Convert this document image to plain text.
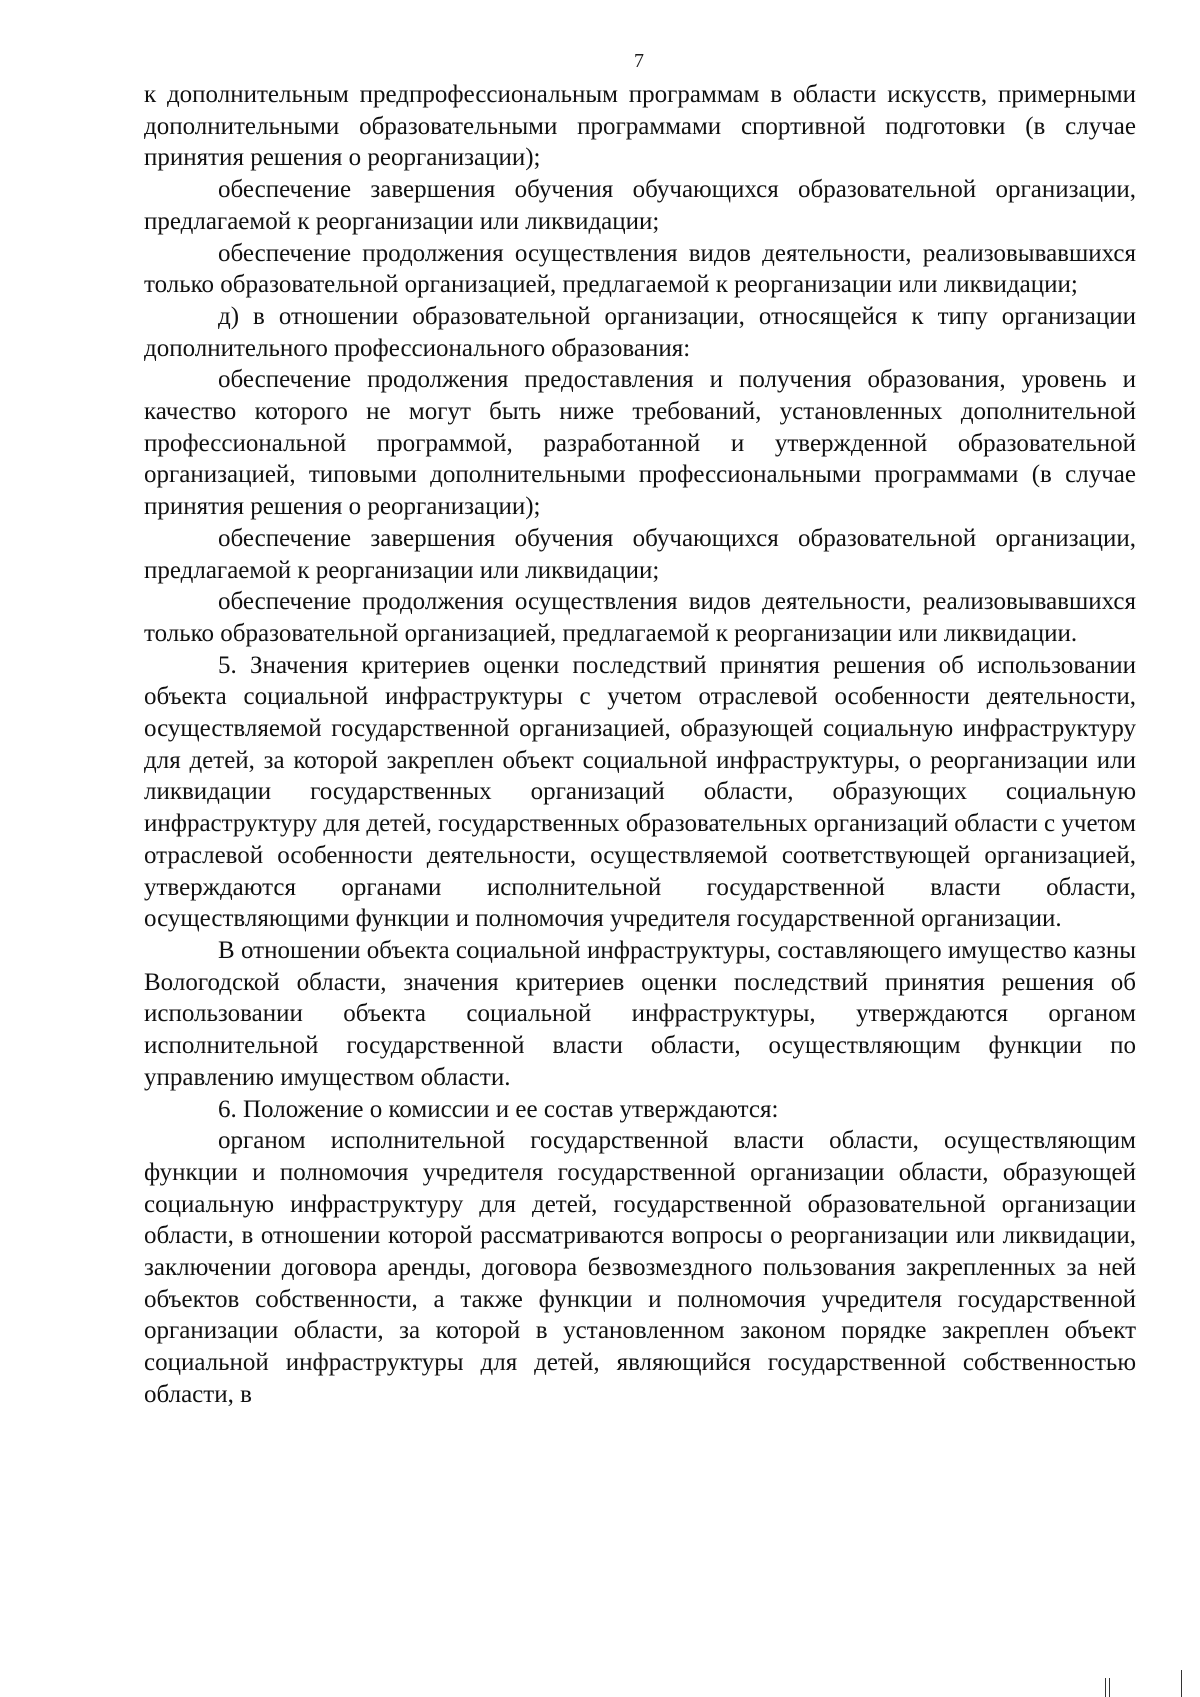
7

к дополнительным предпрофессиональным программам в области искусств, примерными дополнительными образовательными программами спортивной подготовки (в случае принятия решения о реорганизации);

обеспечение завершения обучения обучающихся образовательной организации, предлагаемой к реорганизации или ликвидации;

обеспечение продолжения осуществления видов деятельности, реализовывавшихся только образовательной организацией, предлагаемой к реорганизации или ликвидации;

д) в отношении образовательной организации, относящейся к типу организации дополнительного профессионального образования:

обеспечение продолжения предоставления и получения образования, уровень и качество которого не могут быть ниже требований, установленных дополнительной профессиональной программой, разработанной и утвержденной образовательной организацией, типовыми дополнительными профессиональными программами (в случае принятия решения о реорганизации);

обеспечение завершения обучения обучающихся образовательной организации, предлагаемой к реорганизации или ликвидации;

обеспечение продолжения осуществления видов деятельности, реализовывавшихся только образовательной организацией, предлагаемой к реорганизации или ликвидации.

5. Значения критериев оценки последствий принятия решения об использовании объекта социальной инфраструктуры с учетом отраслевой особенности деятельности, осуществляемой государственной организацией, образующей социальную инфраструктуру для детей, за которой закреплен объект социальной инфраструктуры, о реорганизации или ликвидации государственных организаций области, образующих социальную инфраструктуру для детей, государственных образовательных организаций области с учетом отраслевой особенности деятельности, осуществляемой соответствующей организацией, утверждаются органами исполнительной государственной власти области, осуществляющими функции и полномочия учредителя государственной организации.

В отношении объекта социальной инфраструктуры, составляющего имущество казны Вологодской области, значения критериев оценки последствий принятия решения об использовании объекта социальной инфраструктуры, утверждаются органом исполнительной государственной власти области, осуществляющим функции по управлению имуществом области.

6. Положение о комиссии и ее состав утверждаются:

органом исполнительной государственной власти области, осуществляющим функции и полномочия учредителя государственной организации области, образующей социальную инфраструктуру для детей, государственной образовательной организации области, в отношении которой рассматриваются вопросы о реорганизации или ликвидации, заключении договора аренды, договора безвозмездного пользования закрепленных за ней объектов собственности, а также функции и полномочия учредителя государственной организации области, за которой в установленном законом порядке закреплен объект социальной инфраструктуры для детей, являющийся государственной собственностью области, в
